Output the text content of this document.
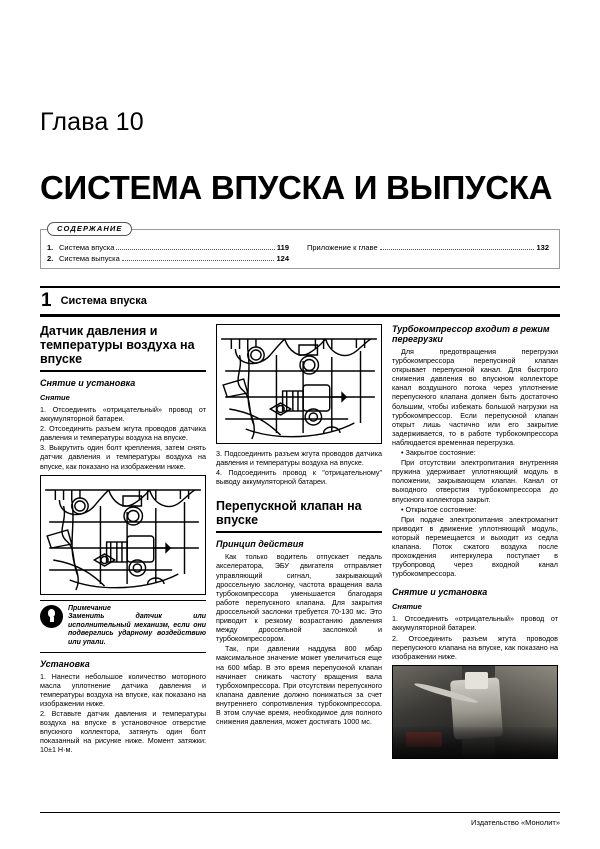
Глава 10
СИСТЕМА ВПУСКА И ВЫПУСКА
СОДЕРЖАНИЕ
1. Система впуска	119
2. Система выпуска	124
Приложение к главе	132
1 Система впуска
Датчик давления и температуры воздуха на впуске
Снятие и установка
Снятие

1. Отсоединить «отрицательный» провод от аккумуляторной батареи.

2. Отсоединить разъем жгута проводов датчика давления и температуры воздуха на впуске.

3. Выкрутить один болт крепления, затем снять датчик давления и температуры воздуха на впуске, как показано на изображении ниже.

Примечание
Заменить датчик или исполнительный механизм, если они подверглись ударному воздействию или упали.
Установка

1. Нанести небольшое количество моторного масла уплотнение датчика давления и температуры воздуха на впуске, как показано на изображении ниже.

2. Вставьте датчик давления и температуры воздуха на впуске в установочное отверстие впускного коллектора, затянуть один болт показанный на рисунке ниже. Момент затяжки: 10±1 Н·м.

3. Подсоединить разъем жгута проводов датчика давления и температуры воздуха на впуске.

4. Подсоединить провод к "отрицательному" выводу аккумуляторной батареи.

Перепускной клапан на впуске
Принцип действия

Как только водитель отпускает педаль акселератора, ЭБУ двигателя отправляет управляющий сигнал, закрывающий дроссельную заслонку, частота вращения вала турбокомпрессора уменьшается благодаря работе перепускного клапана. Для закрытия дроссельной заслонки требуется 70-130 мс. Это приводит к резкому возрастанию давления между дроссельной заслонкой и турбокомпрессором.

Так, при давлении наддува 800 мбар максимальное значение может увеличиться еще на 600 мбар. В это время перепускной клапан начинает снижать частоту вращения вала турбохомпрессора. При отсутствии перепускного клапана давление должно понижаться за счет внутреннего сопротивления турбокомпрессора. В этом случае время, необходимое для полного снижения давления, может достигать 1000 мс.

Турбокомпрессор входит в режим перегрузки

Для предотвращения перегрузки турбокомпрессора перепускной клапан открывает перепускной канал. Для быстрого снижения давления во впускном коллекторе канал воздушного потока через уплотнение перепускного клапана должен быть достаточно большим, чтобы избежать большой нагрузки на турбокомпрессор. Если перепускной клапан открыт лишь частично или его закрытие задерживается, то в работе турбокомпрессора наблюдается временная перегрузка.

• Закрытое состояние:

При отсутствии электропитания внутренняя пружина удерживает уплотняющий модуль в положении, закрывающем клапан. Канал от выходного отверстия турбокомпрессора до впускного коллектора закрыт.

• Открытое состояние:

При подаче электропитания электромагнит приводит в движение уплотняющий модуль, который перемещается и выходит из седла клапана. Поток сжатого воздуха после прохождения интеркулера поступает в трубопровод через входной канал турбокомпрессора.

Снятие и установка
Снятие

1. Отсоединить «отрицательный» провод от аккумуляторной батареи.

2. Отсоединить разъем жгута проводов перепускного клапана на впуске, как показано на изображении ниже.

Издательство «Монолит»
